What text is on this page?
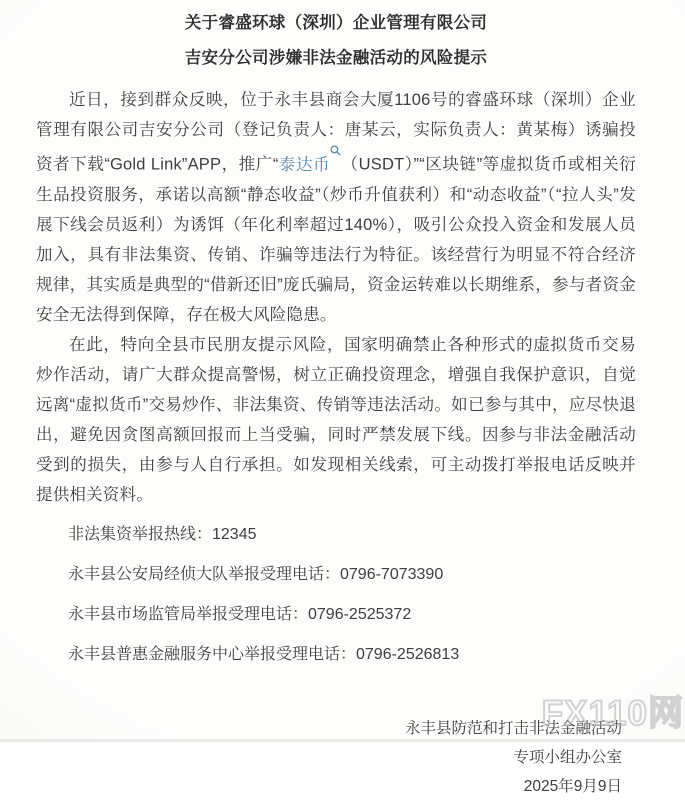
关于睿盛环球（深圳）企业管理有限公司
吉安分公司涉嫌非法金融活动的风险提示

近日，接到群众反映，位于永丰县商会大厦1106号的睿盛环球（深圳）企业管理有限公司吉安分公司（登记负责人：唐某云，实际负责人：黄某梅）诱骗投资者下载“Gold Link”APP，推广“泰达币 （USDT）”“区块链”等虚拟货币或相关衍生品投资服务，承诺以高额“静态收益”（炒币升值获利）和“动态收益”（“拉人头”发展下线会员返利）为诱饵（年化利率超过140%），吸引公众投入资金和发展人员加入，具有非法集资、传销、诈骗等违法行为特征。该经营行为明显不符合经济规律，其实质是典型的“借新还旧”庞氏骗局，资金运转难以长期维系，参与者资金安全无法得到保障，存在极大风险隐患。

在此，特向全县市民朋友提示风险，国家明确禁止各种形式的虚拟货币交易炒作活动，请广大群众提高警惕，树立正确投资理念，增强自我保护意识，自觉远离“虚拟货币”交易炒作、非法集资、传销等违法活动。如已参与其中，应尽快退出，避免因贪图高额回报而上当受骗，同时严禁发展下线。因参与非法金融活动受到的损失，由参与人自行承担。如发现相关线索，可主动拨打举报电话反映并提供相关资料。

非法集资举报热线：12345

永丰县公安局经侦大队举报受理电话：0796-7073390

永丰县市场监管局举报受理电话：0796-2525372

永丰县普惠金融服务中心举报受理电话：0796-2526813

永丰县防范和打击非法金融活动
专项小组办公室
2025年9月9日
FX110网
